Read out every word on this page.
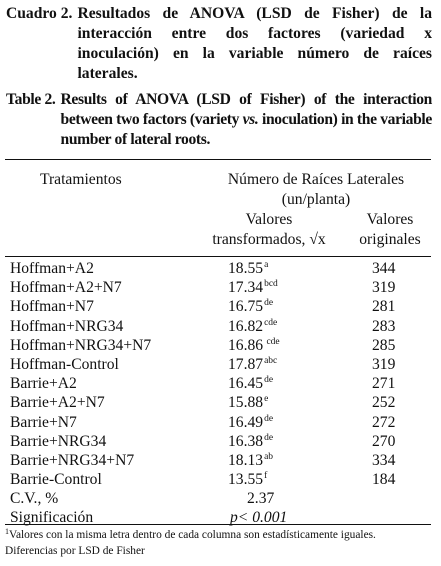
Cuadro 2. Resultados de ANOVA (LSD de Fisher) de la interacción entre dos factores (variedad x inoculación) en la variable número de raíces laterales.
Table 2. Results of ANOVA (LSD of Fisher) of the interaction between two factors (variety vs. inoculation) in the variable number of lateral roots.
Tratamientos	Número de Raíces Laterales
(un/planta)
Valores
transformados, √x
Valores
originales
Hoffman+A2	18.55$^a$	344
Hoffman+A2+N7	17.34$^{bcd}$	319
Hoffman+N7	16.75de	281
Hoffman+NRG34	16.82$^{cde}$	283
Hoffman+NRG34+N7	16.86 $^{cde}$	285
Hoffman-Control	17.87$^{abc}$	319
Barrie+A2	16.45de	271
Barrie+A2+N7	15.88e	252
Barrie+N7	16.49de	272
Barrie+NRG34	16.38de	270
Barrie+NRG34+N7	18.13$^{ab}$	334
Barrie-Control	13.55$^f$	184
C.V., %	2.37
Significación	p< 0.001
$^1$Valores con la misma letra dentro de cada columna son estadísticamente iguales.
Diferencias por LSD de Fisher
